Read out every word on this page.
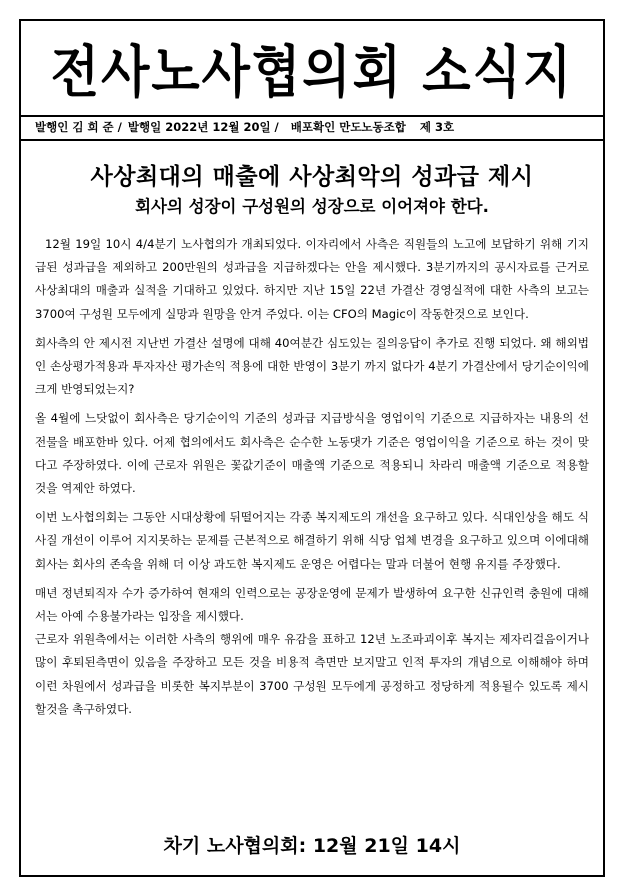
전사노사협의회 소식지
발행인 김 희 준 / 발행일 2022년 12월 20일 / 배포확인 만도노동조합 제 3호
사상최대의 매출에 사상최악의 성과급 제시
회사의 성장이 구성원의 성장으로 이어져야 한다.

12월 19일 10시 4/4분기 노사협의가 개최되었다. 이자리에서 사측은 직원들의 노고에 보답하기 위해 기지급된 성과급을 제외하고 200만원의 성과급을 지급하겠다는 안을 제시했다. 3분기까지의 공시자료를 근거로 사상최대의 매출과 실적을 기대하고 있었다. 하지만 지난 15일 22년 가결산 경영실적에 대한 사측의 보고는 3700여 구성원 모두에게 실망과 원망을 안겨 주었다. 이는 CFO의 Magic이 작동한것으로 보인다.

회사측의 안 제시전 지난번 가결산 설명에 대해 40여분간 심도있는 질의응답이 추가로 진행 되었다. 왜 해외법인 손상평가적용과 투자자산 평가손익 적용에 대한 반영이 3분기 까지 없다가 4분기 가결산에서 당기순이익에 크게 반영되었는지?

올 4월에 느닷없이 회사측은 당기순이익 기준의 성과급 지급방식을 영업이익 기준으로 지급하자는 내용의 선전물을 배포한바 있다. 어제 협의에서도 회사측은 순수한 노동댓가 기준은 영업이익을 기준으로 하는 것이 맞다고 주장하였다. 이에 근로자 위원은 꽃값기준이 매출액 기준으로 적용되니 차라리 매출액 기준으로 적용할 것을 역제안 하였다.

이번 노사협의회는 그동안 시대상황에 뒤떨어지는 각종 복지제도의 개선을 요구하고 있다. 식대인상을 해도 식사질 개선이 이루어 지지못하는 문제를 근본적으로 해결하기 위해 식당 업체 변경을 요구하고 있으며 이에대해 회사는 회사의 존속을 위해 더 이상 과도한 복지제도 운영은 어렵다는 말과 더불어 현행 유지를 주장했다.

매년 정년퇴직자 수가 증가하여 현재의 인력으로는 공장운영에 문제가 발생하여 요구한 신규인력 충원에 대해서는 아예 수용불가라는 입장을 제시했다.

근로자 위원측에서는 이러한 사측의 행위에 매우 유감을 표하고 12년 노조파괴이후 복지는 제자리걸음이거나 많이 후퇴된측면이 있음을 주장하고 모든 것을 비용적 측면만 보지말고 인적 투자의 개념으로 이해해야 하며 이런 차원에서 성과급을 비롯한 복지부분이 3700 구성원 모두에게 공정하고 정당하게 적용될수 있도록 제시할것을 촉구하였다.

차기 노사협의회: 12월 21일 14시
